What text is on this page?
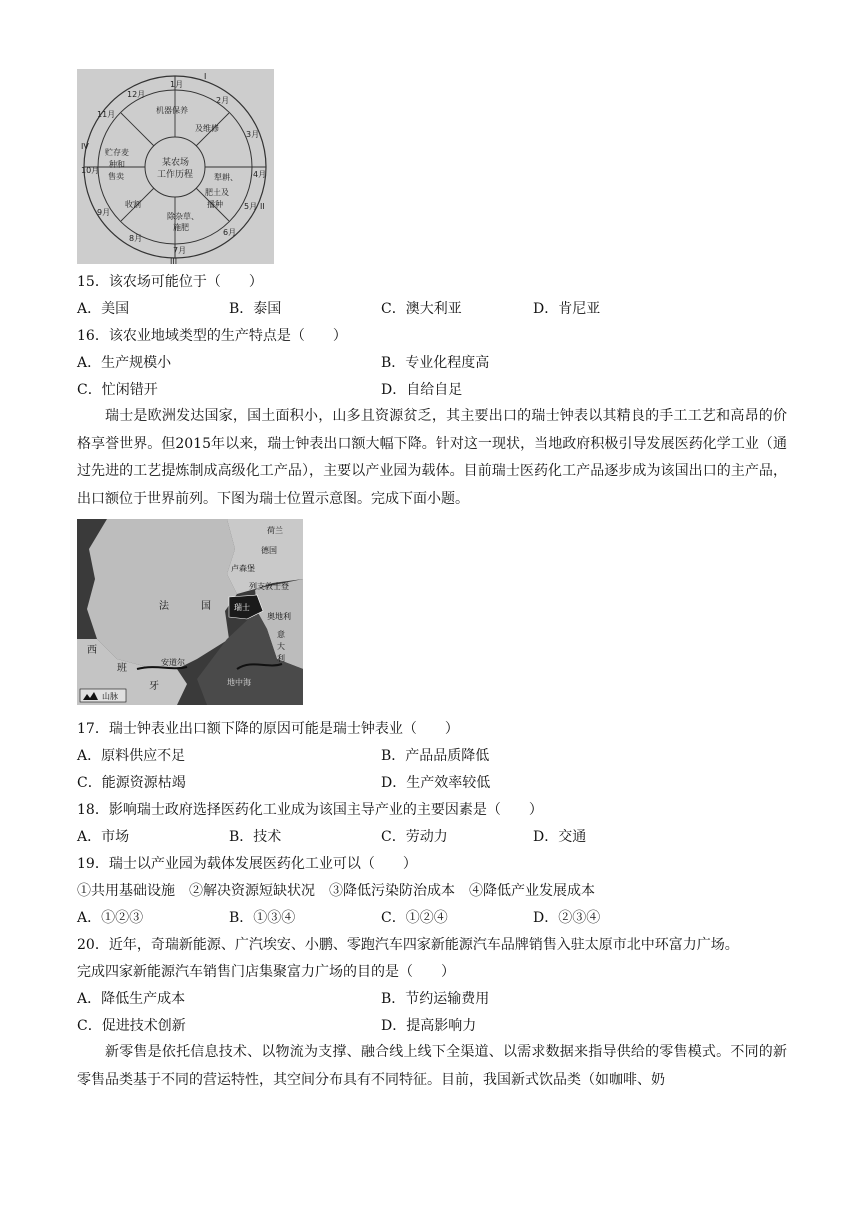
I
II
III
IV
1月
2月
3月
4月
5月
6月
7月
8月
9月
10月
11月
12月
机器保养
及维修
犁耕、
肥土及
播种
除杂草、
施肥
收割
贮存麦
种和
售卖
某农场
工作历程
15．该农场可能位于（　　）
A．美国	B．泰国	C．澳大利亚	D．肯尼亚
16．该农业地域类型的生产特点是（　　）
A．生产规模小	B．专业化程度高
C．忙闲错开	D．自给自足

瑞士是欧洲发达国家，国土面积小，山多且资源贫乏，其主要出口的瑞士钟表以其精良的手工工艺和高昂的价格享誉世界。但2015年以来，瑞士钟表出口额大幅下降。针对这一现状，当地政府积极引导发展医药化学工业（通过先进的工艺提炼制成高级化工产品），主要以产业园为载体。目前瑞士医药化工产品逐步成为该国出口的主产品，出口额位于世界前列。下图为瑞士位置示意图。完成下面小题。

荷兰
德国
卢森堡
列支敦士登
瑞士
奥地利
法	国
意
大
利
西
班
牙
安道尔
地中海
山脉
17．瑞士钟表业出口额下降的原因可能是瑞士钟表业（　　）
A．原料供应不足	B．产品品质降低
C．能源资源枯竭	D．生产效率较低
18．影响瑞士政府选择医药化工业成为该国主导产业的主要因素是（　　）
A．市场	B．技术	C．劳动力	D．交通
19．瑞士以产业园为载体发展医药化工业可以（　　）
①共用基础设施　②解决资源短缺状况　③降低污染防治成本　④降低产业发展成本
A．①②③	B．①③④	C．①②④	D．②③④
20．近年，奇瑞新能源、广汽埃安、小鹏、零跑汽车四家新能源汽车品牌销售入驻太原市北中环富力广场。
完成四家新能源汽车销售门店集聚富力广场的目的是（　　）
A．降低生产成本	B．节约运输费用
C．促进技术创新	D．提高影响力

新零售是依托信息技术、以物流为支撑、融合线上线下全渠道、以需求数据来指导供给的零售模式。不同的新零售品类基于不同的营运特性，其空间分布具有不同特征。目前，我国新式饮品类（如咖啡、奶
